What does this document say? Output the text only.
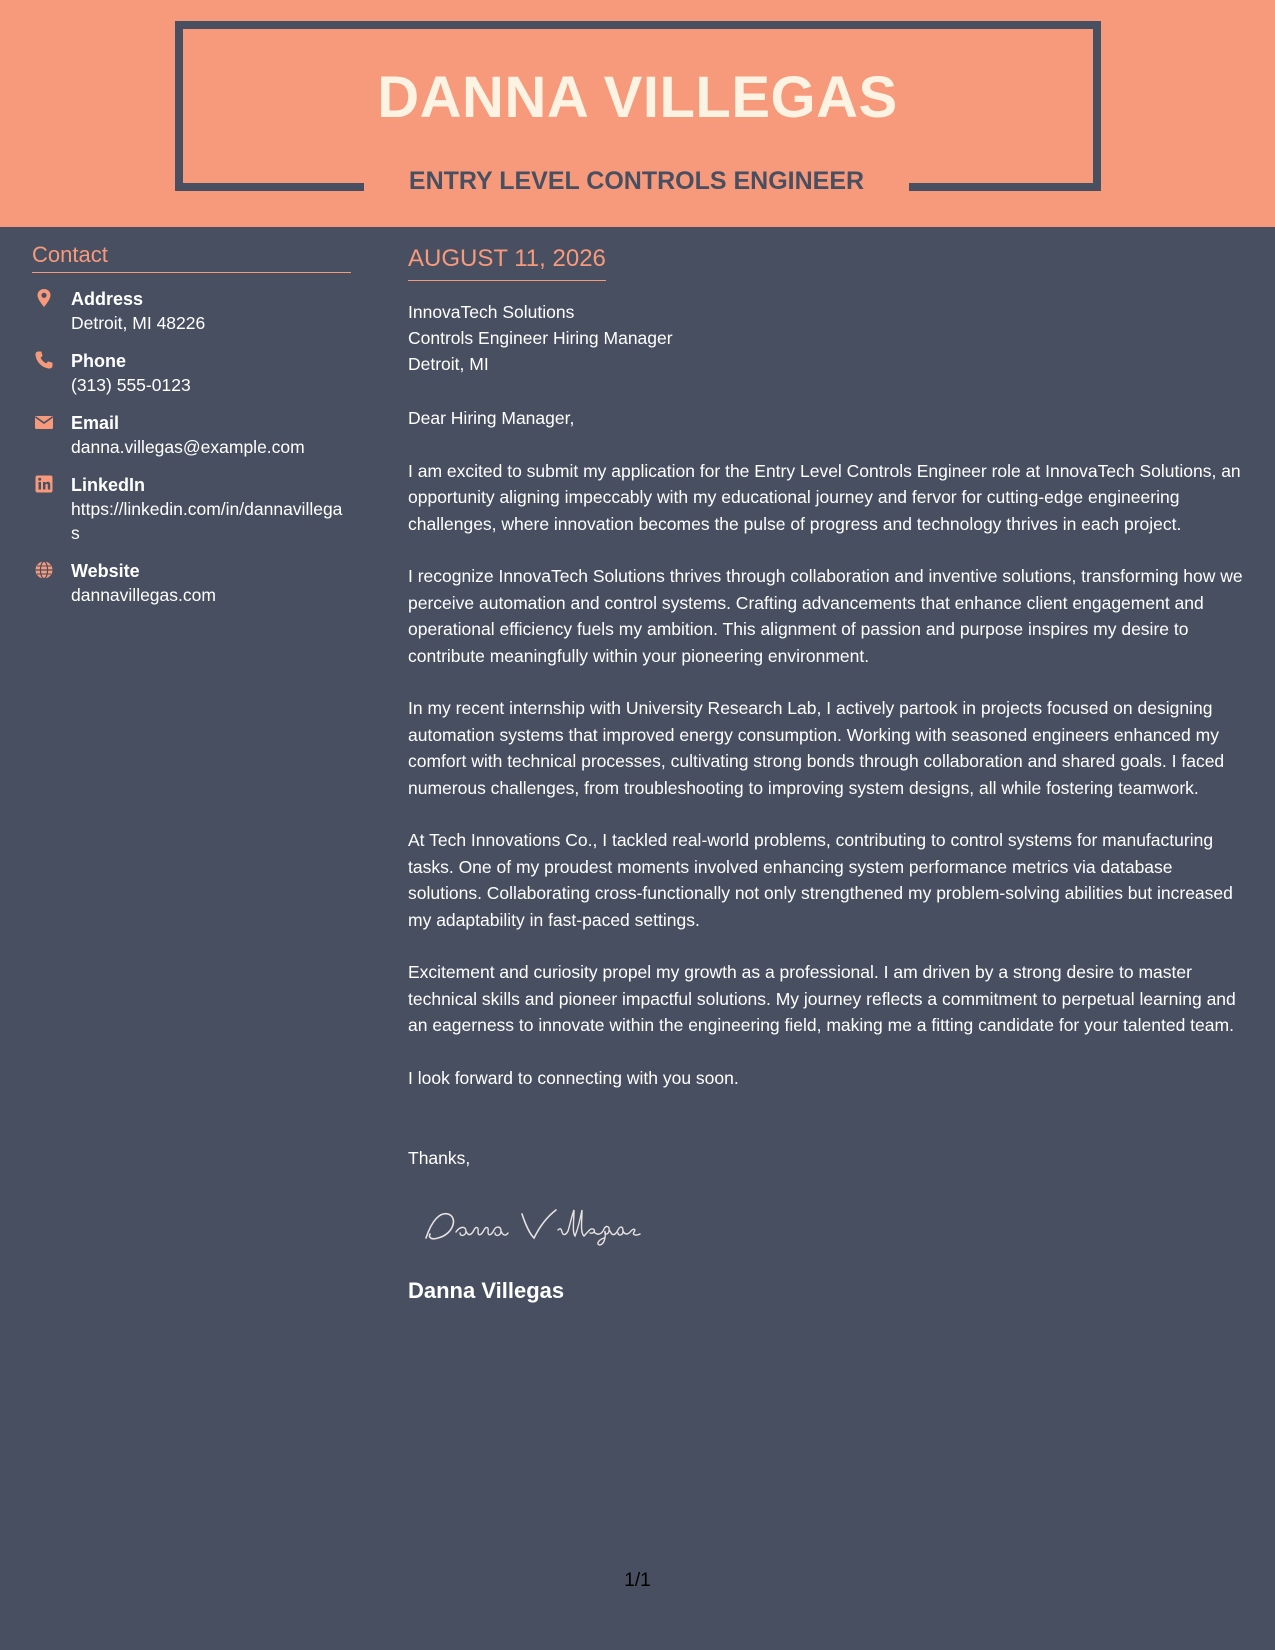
DANNA VILLEGAS
ENTRY LEVEL CONTROLS ENGINEER
Contact
Address
Detroit, MI 48226
Phone
(313) 555-0123
Email
danna.villegas@example.com
LinkedIn
https://linkedin.com/in/dannavillegas
Website
dannavillegas.com
AUGUST 11, 2026
InnovaTech Solutions
Controls Engineer Hiring Manager
Detroit, MI

Dear Hiring Manager,

I am excited to submit my application for the Entry Level Controls Engineer role at InnovaTech Solutions, an opportunity aligning impeccably with my educational journey and fervor for cutting-edge engineering challenges, where innovation becomes the pulse of progress and technology thrives in each project.

I recognize InnovaTech Solutions thrives through collaboration and inventive solutions, transforming how we perceive automation and control systems. Crafting advancements that enhance client engagement and operational efficiency fuels my ambition. This alignment of passion and purpose inspires my desire to contribute meaningfully within your pioneering environment.

In my recent internship with University Research Lab, I actively partook in projects focused on designing automation systems that improved energy consumption. Working with seasoned engineers enhanced my comfort with technical processes, cultivating strong bonds through collaboration and shared goals. I faced numerous challenges, from troubleshooting to improving system designs, all while fostering teamwork.

At Tech Innovations Co., I tackled real-world problems, contributing to control systems for manufacturing tasks. One of my proudest moments involved enhancing system performance metrics via database solutions. Collaborating cross-functionally not only strengthened my problem-solving abilities but increased my adaptability in fast-paced settings.

Excitement and curiosity propel my growth as a professional. I am driven by a strong desire to master technical skills and pioneer impactful solutions. My journey reflects a commitment to perpetual learning and an eagerness to innovate within the engineering field, making me a fitting candidate for your talented team.

I look forward to connecting with you soon.

Thanks,

Danna Villegas
1/1
